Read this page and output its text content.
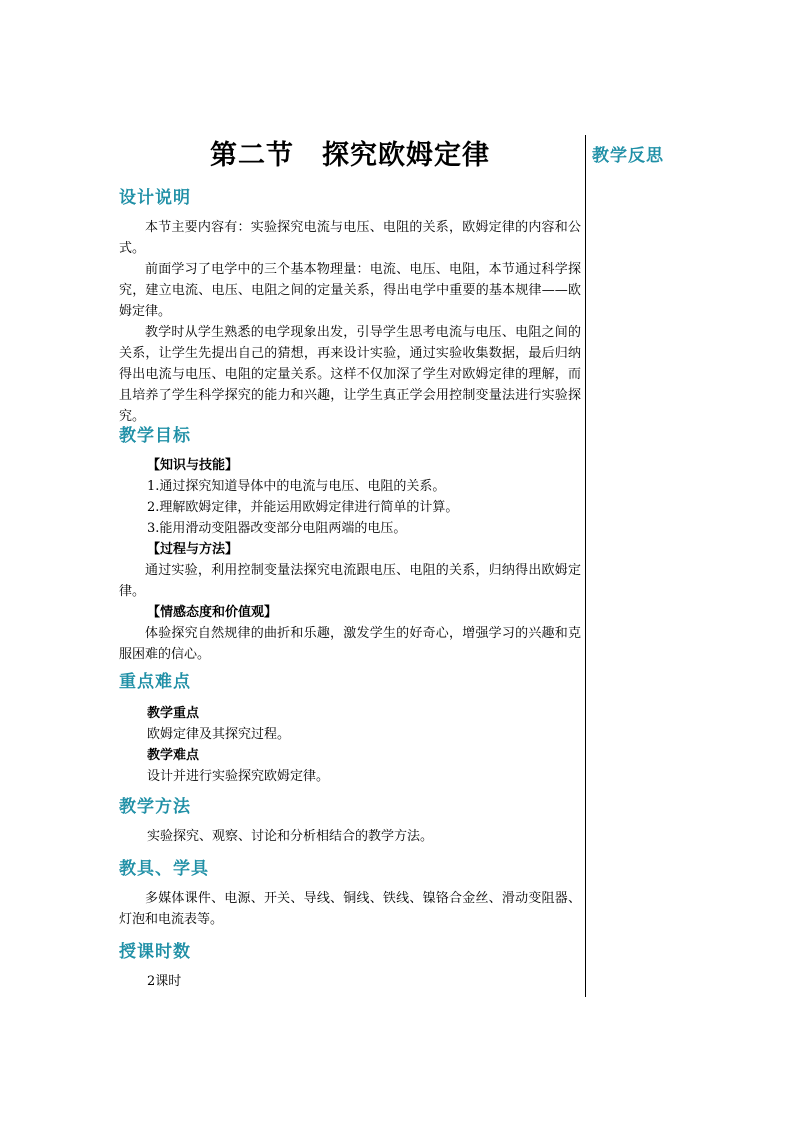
第二节　探究欧姆定律
设计说明

本节主要内容有：实验探究电流与电压、电阻的关系，欧姆定律的内容和公式。

前面学习了电学中的三个基本物理量：电流、电压、电阻，本节通过科学探究，建立电流、电压、电阻之间的定量关系，得出电学中重要的基本规律——欧姆定律。

教学时从学生熟悉的电学现象出发，引导学生思考电流与电压、电阻之间的关系，让学生先提出自己的猜想，再来设计实验，通过实验收集数据，最后归纳得出电流与电压、电阻的定量关系。这样不仅加深了学生对欧姆定律的理解，而且培养了学生科学探究的能力和兴趣，让学生真正学会用控制变量法进行实验探究。

教学目标

【知识与技能】

1.通过探究知道导体中的电流与电压、电阻的关系。

2.理解欧姆定律，并能运用欧姆定律进行简单的计算。

3.能用滑动变阻器改变部分电阻两端的电压。

【过程与方法】

通过实验，利用控制变量法探究电流跟电压、电阻的关系，归纳得出欧姆定律。

【情感态度和价值观】

体验探究自然规律的曲折和乐趣，激发学生的好奇心，增强学习的兴趣和克服困难的信心。

重点难点

教学重点

欧姆定律及其探究过程。

教学难点

设计并进行实验探究欧姆定律。

教学方法

实验探究、观察、讨论和分析相结合的教学方法。

教具、学具

多媒体课件、电源、开关、导线、铜线、铁线、镍铬合金丝、滑动变阻器、灯泡和电流表等。

授课时数

2课时

教学反思
